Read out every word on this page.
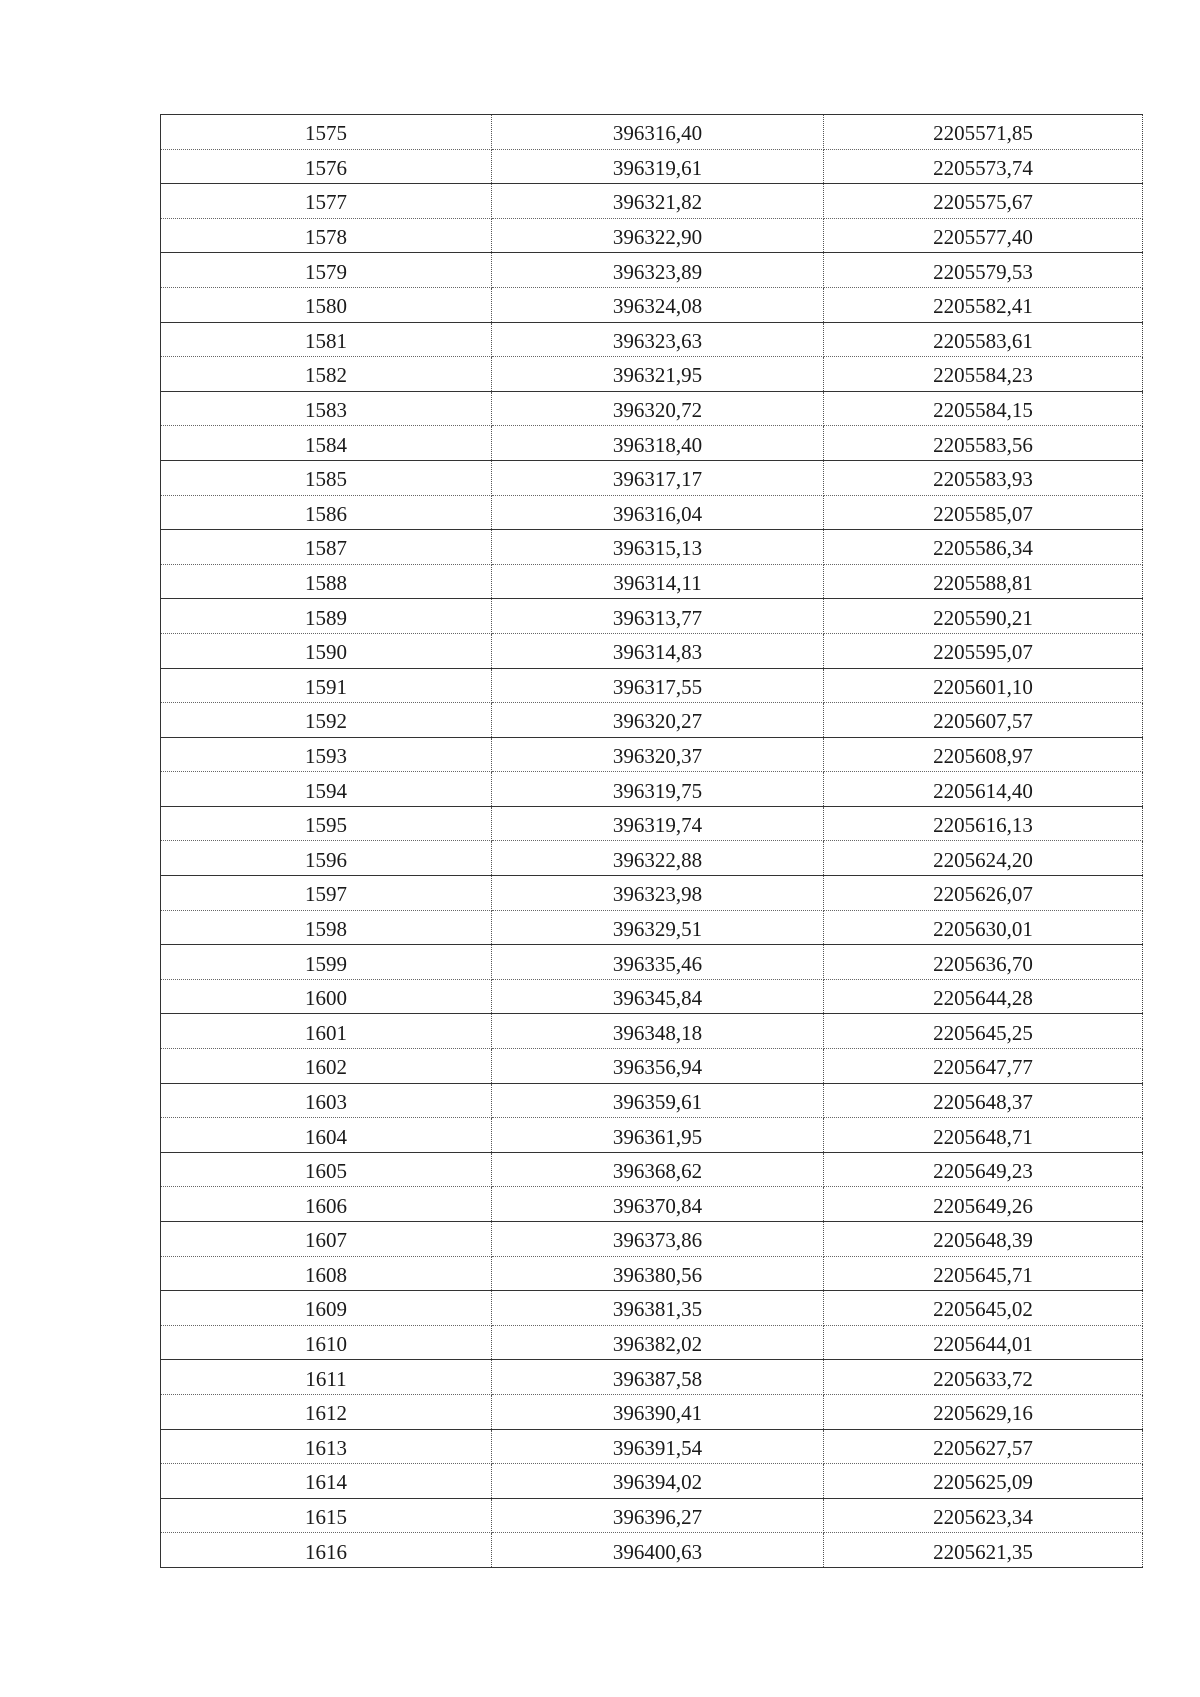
1575	396316,40	2205571,85
1576	396319,61	2205573,74
1577	396321,82	2205575,67
1578	396322,90	2205577,40
1579	396323,89	2205579,53
1580	396324,08	2205582,41
1581	396323,63	2205583,61
1582	396321,95	2205584,23
1583	396320,72	2205584,15
1584	396318,40	2205583,56
1585	396317,17	2205583,93
1586	396316,04	2205585,07
1587	396315,13	2205586,34
1588	396314,11	2205588,81
1589	396313,77	2205590,21
1590	396314,83	2205595,07
1591	396317,55	2205601,10
1592	396320,27	2205607,57
1593	396320,37	2205608,97
1594	396319,75	2205614,40
1595	396319,74	2205616,13
1596	396322,88	2205624,20
1597	396323,98	2205626,07
1598	396329,51	2205630,01
1599	396335,46	2205636,70
1600	396345,84	2205644,28
1601	396348,18	2205645,25
1602	396356,94	2205647,77
1603	396359,61	2205648,37
1604	396361,95	2205648,71
1605	396368,62	2205649,23
1606	396370,84	2205649,26
1607	396373,86	2205648,39
1608	396380,56	2205645,71
1609	396381,35	2205645,02
1610	396382,02	2205644,01
1611	396387,58	2205633,72
1612	396390,41	2205629,16
1613	396391,54	2205627,57
1614	396394,02	2205625,09
1615	396396,27	2205623,34
1616	396400,63	2205621,35
